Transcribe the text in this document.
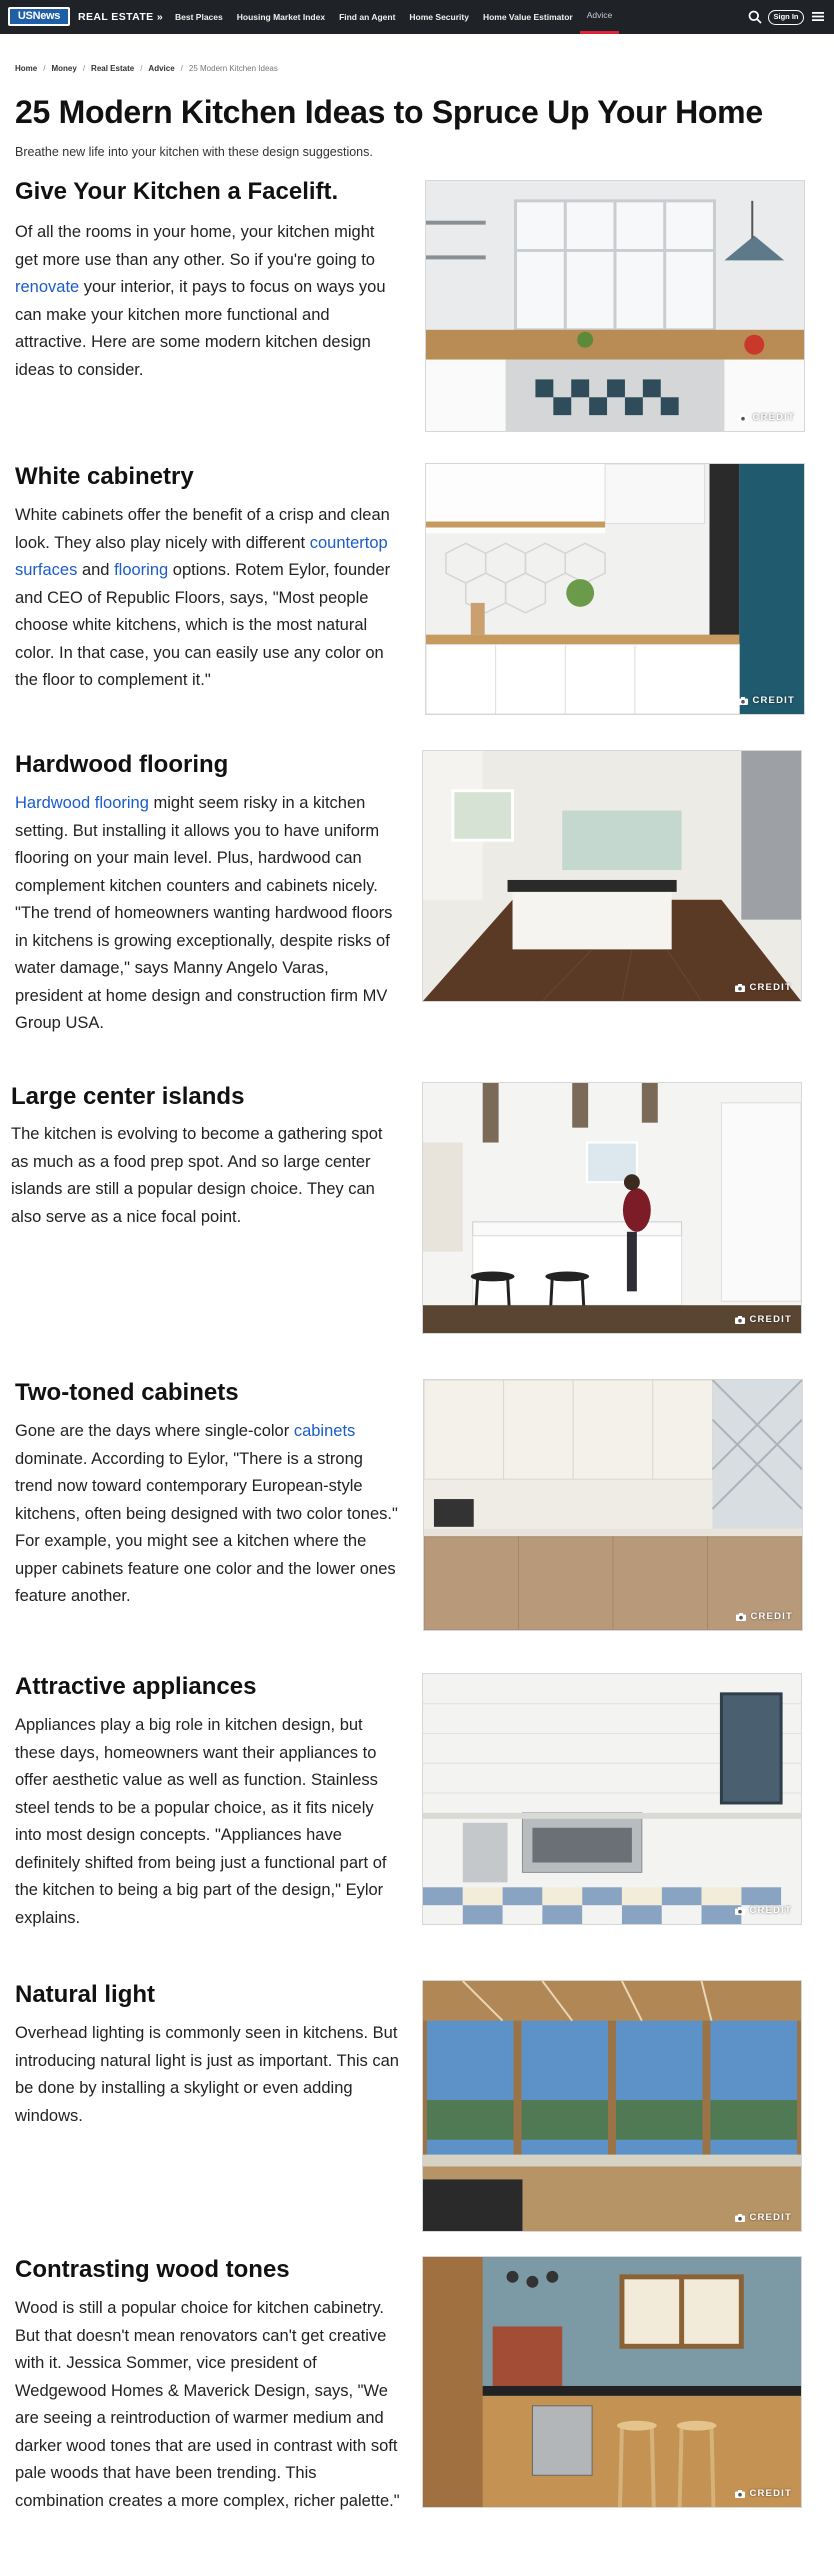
USNews	REAL ESTATE »	Best Places	Housing Market Index	Find an Agent	Home Security	Home Value Estimator	Advice	Sign In
Home / Money / Real Estate / Advice / 25 Modern Kitchen Ideas
25 Modern Kitchen Ideas to Spruce Up Your Home
Breathe new life into your kitchen with these design suggestions.
Give Your Kitchen a Facelift.
Of all the rooms in your home, your kitchen might get more use than any other. So if you're going to renovate your interior, it pays to focus on ways you can make your kitchen more functional and attractive. Here are some modern kitchen design ideas to consider.
CREDIT
White cabinetry
White cabinets offer the benefit of a crisp and clean look. They also play nicely with different countertop surfaces and flooring options. Rotem Eylor, founder and CEO of Republic Floors, says, "Most people choose white kitchens, which is the most natural color. In that case, you can easily use any color on the floor to complement it."
CREDIT
Hardwood flooring
Hardwood flooring might seem risky in a kitchen setting. But installing it allows you to have uniform flooring on your main level. Plus, hardwood can complement kitchen counters and cabinets nicely. "The trend of homeowners wanting hardwood floors in kitchens is growing exceptionally, despite risks of water damage," says Manny Angelo Varas, president at home design and construction firm MV Group USA.
CREDIT
Large center islands
The kitchen is evolving to become a gathering spot as much as a food prep spot. And so large center islands are still a popular design choice. They can also serve as a nice focal point.
CREDIT
Two-toned cabinets
Gone are the days where single-color cabinets dominate. According to Eylor, "There is a strong trend now toward contemporary European-style kitchens, often being designed with two color tones." For example, you might see a kitchen where the upper cabinets feature one color and the lower ones feature another.
CREDIT
Attractive appliances
Appliances play a big role in kitchen design, but these days, homeowners want their appliances to offer aesthetic value as well as function. Stainless steel tends to be a popular choice, as it fits nicely into most design concepts. "Appliances have definitely shifted from being just a functional part of the kitchen to being a big part of the design," Eylor explains.	CREDIT
Natural light
Overhead lighting is commonly seen in kitchens. But introducing natural light is just as important. This can be done by installing a skylight or even adding windows.
CREDIT
Contrasting wood tones
Wood is still a popular choice for kitchen cabinetry. But that doesn't mean renovators can't get creative with it. Jessica Sommer, vice president of Wedgewood Homes & Maverick Design, says, "We are seeing a reintroduction of warmer medium and darker wood tones that are used in contrast with soft pale woods that have been trending. This combination creates a more complex, richer palette."	CREDIT
